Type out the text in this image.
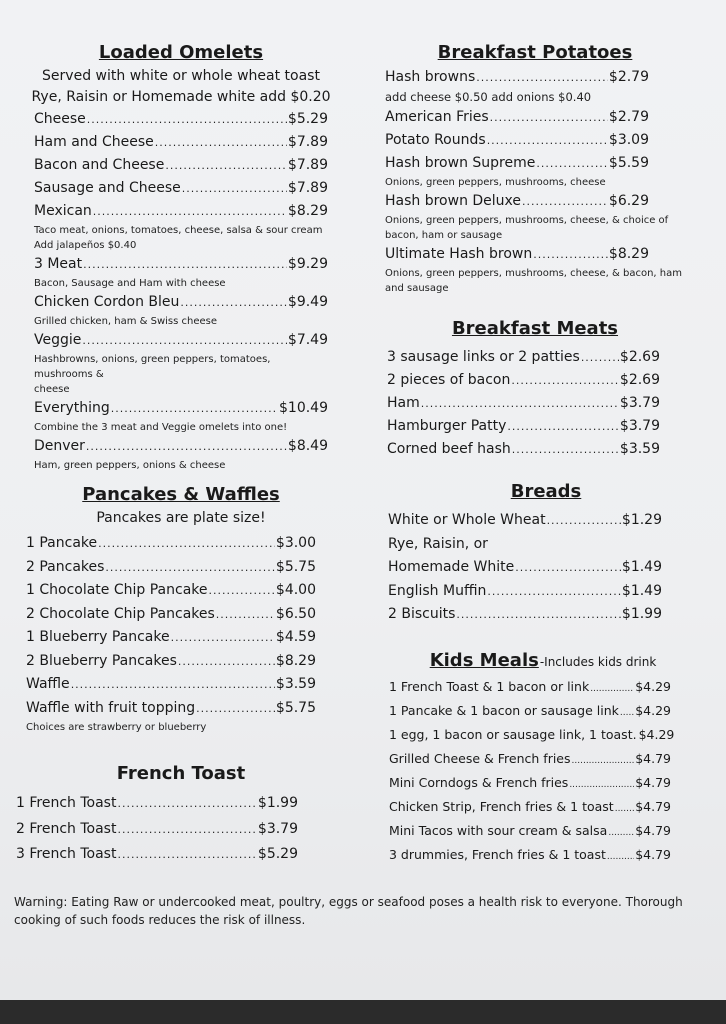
Loaded Omelets
Served with white or whole wheat toast
Rye, Raisin or Homemade white add $0.20
Cheese .....	$5.29
Ham and Cheese .....	$7.89
Bacon and Cheese .....	$7.89
Sausage and Cheese .....	$7.89
Mexican .....	$8.29
Taco meat, onions, tomatoes, cheese, salsa & sour cream
Add jalapeños $0.40
3 Meat .....	$9.29
Bacon, Sausage and Ham with cheese
Chicken Cordon Bleu .....	$9.49
Grilled chicken, ham & Swiss cheese
Veggie .....	$7.49
Hashbrowns, onions, green peppers, tomatoes, mushrooms &
cheese
Everything .....	$10.49
Combine the 3 meat and Veggie omelets into one!
Denver .....	$8.49
Ham, green peppers, onions & cheese
Pancakes & Waffles
Pancakes are plate size!
1 Pancake .....	$3.00
2 Pancakes .....	$5.75
1 Chocolate Chip Pancake .....	$4.00
2 Chocolate Chip Pancakes .....	$6.50
1 Blueberry Pancake .....	$4.59
2 Blueberry Pancakes .....	$8.29
Waffle .....	$3.59
Waffle with fruit topping .....	$5.75
Choices are strawberry or blueberry
French Toast
1 French Toast .....	$1.99
2 French Toast .....	$3.79
3 French Toast .....	$5.29
Breakfast Potatoes
Hash browns .....	$2.79
add cheese $0.50 add onions $0.40
American Fries .....	$2.79
Potato Rounds .....	$3.09
Hash brown Supreme .....	$5.59
Onions, green peppers, mushrooms, cheese
Hash brown Deluxe .....	$6.29
Onions, green peppers, mushrooms, cheese, & choice of
bacon, ham or sausage
Ultimate Hash brown .....	$8.29
Onions, green peppers, mushrooms, cheese, & bacon, ham
and sausage
Breakfast Meats
3 sausage links or 2 patties .....	$2.69
2 pieces of bacon .....	$2.69
Ham .....	$3.79
Hamburger Patty .....	$3.79
Corned beef hash .....	$3.59
Breads
White or Whole Wheat .....	$1.29
Rye, Raisin, or
Homemade White .....	$1.49
English Muffin .....	$1.49
2 Biscuits .....	$1.99
Kids Meals -Includes kids drink
1 French Toast & 1 bacon or link .....	$4.29
1 Pancake & 1 bacon or sausage link ..... $4.29
1 egg, 1 bacon or sausage link, 1 toast. $4.29
Grilled Cheese & French fries .....	$4.79
Mini Corndogs & French fries .....	$4.79
Chicken Strip, French fries & 1 toast ..... $4.79
Mini Tacos with sour cream & salsa ..... $4.79
3 drummies, French fries & 1 toast ..... $4.79
Warning: Eating Raw or undercooked meat, poultry, eggs or seafood poses a health risk to everyone. Thorough cooking of such foods reduces the risk of illness.
